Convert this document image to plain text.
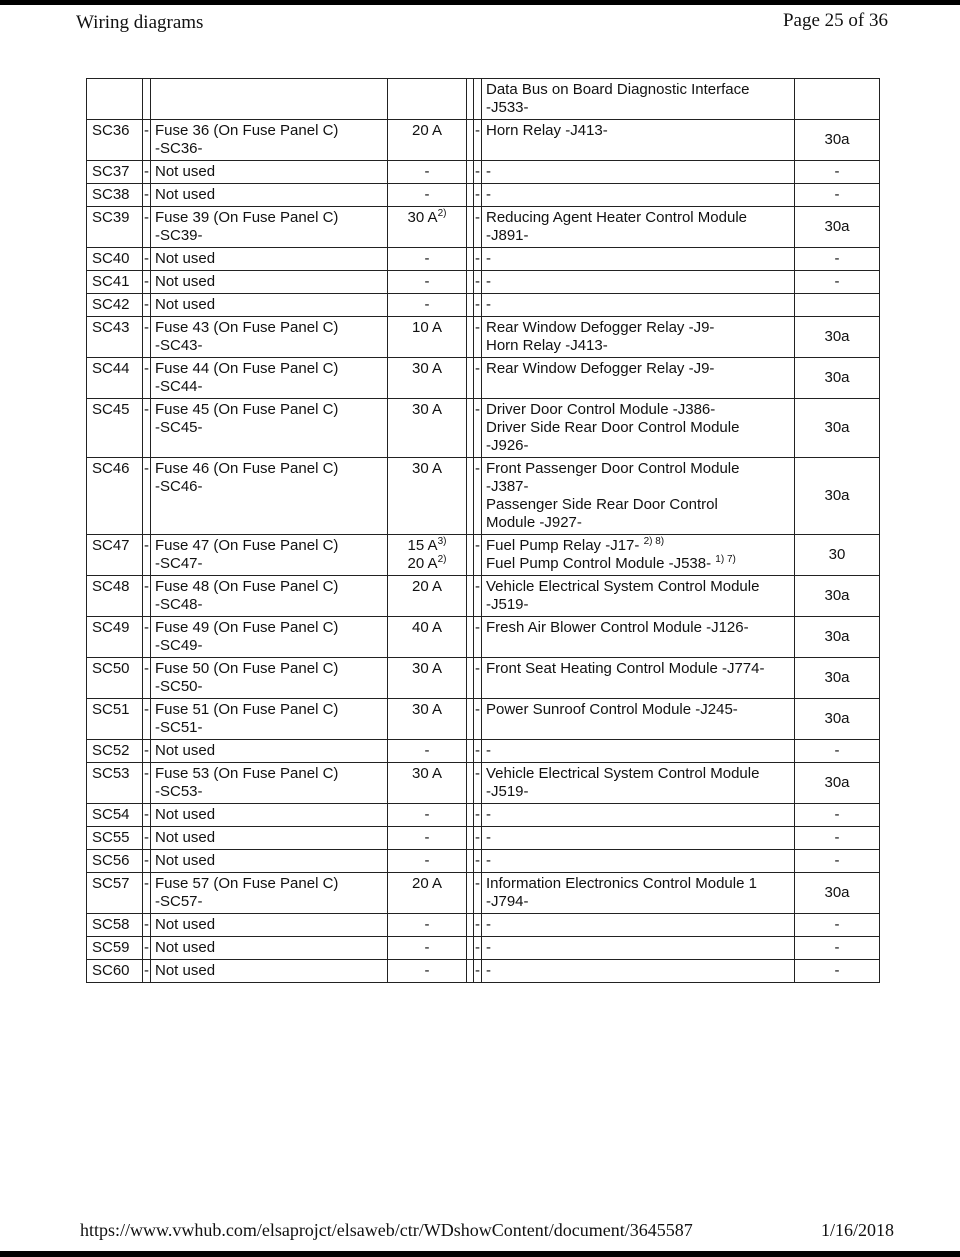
Wiring diagrams	Page 25 of 36

						Data Bus on Board Diagnostic Interface
-J533-	

SC36	-	Fuse 36 (On Fuse Panel C)
-SC36-	20 A		-	Horn Relay -J413-	30a
SC37	-	Not used	-		-	-	-
SC38	-	Not used	-		-	-	-
SC39	-	Fuse 39 (On Fuse Panel C)
-SC39-	30 $A^{2)}$		-	Reducing Agent Heater Control Module
-J891-	30a
SC40	-	Not used	-		-	-	-
SC41	-	Not used	-		-	-	-
SC42	-	Not used	-		-	-	

SC43	-	Fuse 43 (On Fuse Panel C)
-SC43-	10 A		-	Rear Window Defogger Relay -J9-
Horn Relay -J413-	30a
SC44	-	Fuse 44 (On Fuse Panel C)
-SC44-	30 A		-	Rear Window Defogger Relay -J9-	30a
SC45	-	Fuse 45 (On Fuse Panel C)
-SC45-	30 A		-	Driver Door Control Module -J386-
Driver Side Rear Door Control Module
-J926-	30a
SC46	-	Fuse 46 (On Fuse Panel C)
-SC46-	30 A		-	Front Passenger Door Control Module
-J387-
Passenger Side Rear Door Control
Module -J927-	30a
SC47	-	Fuse 47 (On Fuse Panel C)
-SC47-	15 $A^{3)}$
20 $A^{2)}$		-	Fuel Pump Relay -J17- $^{2) 8)}$
Fuel Pump Control Module -J538- $^{1) 7)}$	30
SC48	-	Fuse 48 (On Fuse Panel C)
-SC48-	20 A		-	Vehicle Electrical System Control Module
-J519-	30a
SC49	-	Fuse 49 (On Fuse Panel C)
-SC49-	40 A		-	Fresh Air Blower Control Module -J126-	30a
SC50	-	Fuse 50 (On Fuse Panel C)
-SC50-	30 A		-	Front Seat Heating Control Module -J774-	30a
SC51	-	Fuse 51 (On Fuse Panel C)
-SC51-	30 A		-	Power Sunroof Control Module -J245-	30a
SC52	-	Not used	-		-	-	-
SC53	-	Fuse 53 (On Fuse Panel C)
-SC53-	30 A		-	Vehicle Electrical System Control Module
-J519-	30a
SC54	-	Not used	-		-	-	-
SC55	-	Not used	-		-	-	-
SC56	-	Not used	-		-	-	-
SC57	-	Fuse 57 (On Fuse Panel C)
-SC57-	20 A		-	Information Electronics Control Module 1
-J794-	30a
SC58	-	Not used	-		-	-	-
SC59	-	Not used	-		-	-	-
SC60	-	Not used	-		-	-	-
https://www.vwhub.com/elsaprojct/elsaweb/ctr/WDshowContent/document/3645587	1/16/2018
